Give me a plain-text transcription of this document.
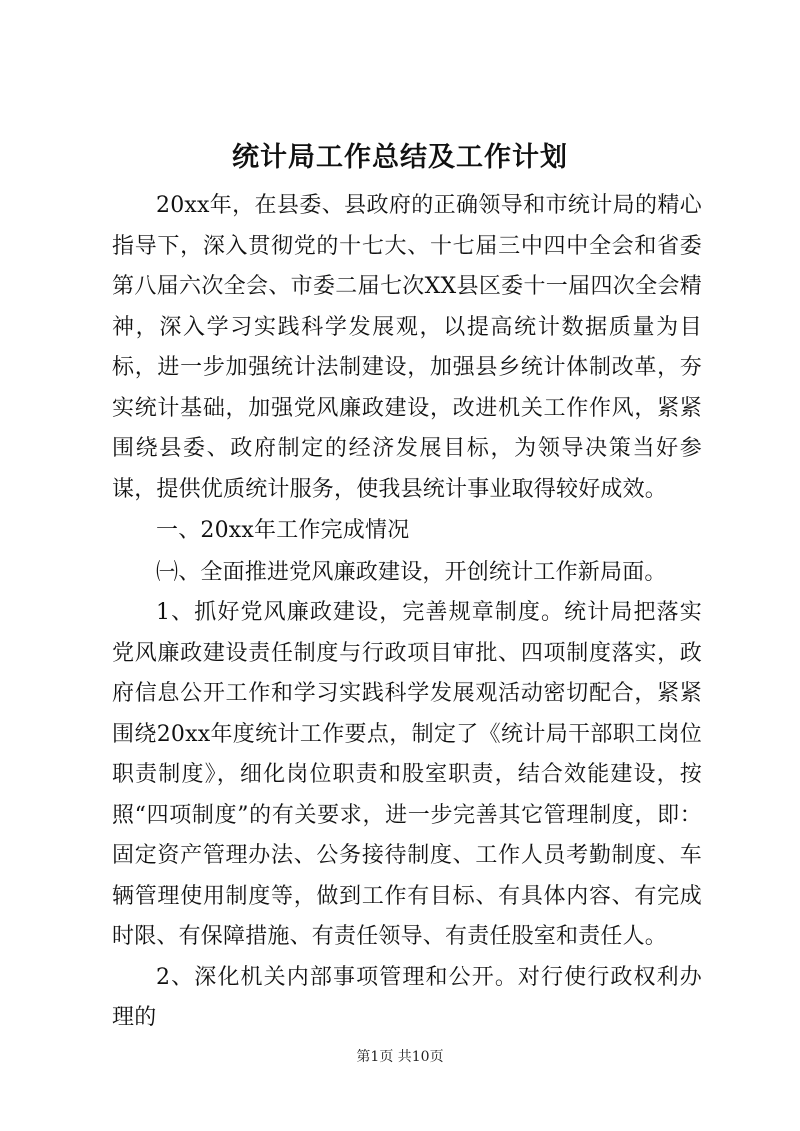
统计局工作总结及工作计划

20xx年，在县委、县政府的正确领导和市统计局的精心指导下，深入贯彻党的十七大、十七届三中四中全会和省委第八届六次全会、市委二届七次XX县区委十一届四次全会精神，深入学习实践科学发展观，以提高统计数据质量为目标，进一步加强统计法制建设，加强县乡统计体制改革，夯实统计基础，加强党风廉政建设，改进机关工作作风，紧紧围绕县委、政府制定的经济发展目标，为领导决策当好参谋，提供优质统计服务，使我县统计事业取得较好成效。

一、20xx年工作完成情况

㈠、全面推进党风廉政建设，开创统计工作新局面。

1、抓好党风廉政建设，完善规章制度。统计局把落实党风廉政建设责任制度与行政项目审批、四项制度落实，政府信息公开工作和学习实践科学发展观活动密切配合，紧紧围绕20xx年度统计工作要点，制定了《统计局干部职工岗位职责制度》，细化岗位职责和股室职责，结合效能建设，按照“四项制度”的有关要求，进一步完善其它管理制度，即：固定资产管理办法、公务接待制度、工作人员考勤制度、车辆管理使用制度等，做到工作有目标、有具体内容、有完成时限、有保障措施、有责任领导、有责任股室和责任人。

2、深化机关内部事项管理和公开。对行使行政权利办理的

第1页 共10页
